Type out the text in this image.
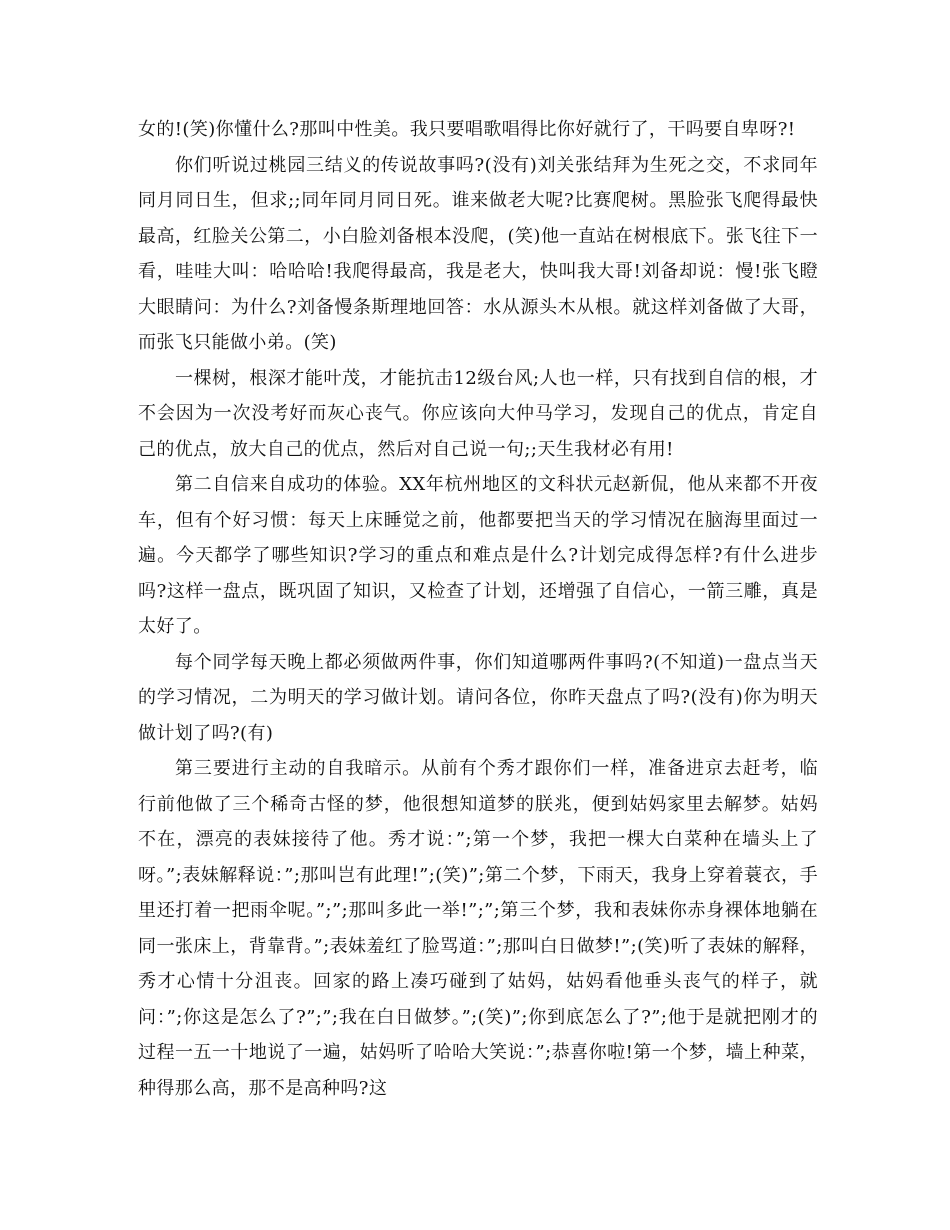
女的!(笑)你懂什么?那叫中性美。我只要唱歌唱得比你好就行了，干吗要自卑呀?!

你们听说过桃园三结义的传说故事吗?(没有)刘关张结拜为生死之交，不求同年同月同日生，但求;;同年同月同日死。谁来做老大呢?比赛爬树。黑脸张飞爬得最快最高，红脸关公第二，小白脸刘备根本没爬，(笑)他一直站在树根底下。张飞往下一看，哇哇大叫：哈哈哈!我爬得最高，我是老大，快叫我大哥!刘备却说：慢!张飞瞪大眼睛问：为什么?刘备慢条斯理地回答：水从源头木从根。就这样刘备做了大哥，而张飞只能做小弟。(笑)

一棵树，根深才能叶茂，才能抗击12级台风;人也一样，只有找到自信的根，才不会因为一次没考好而灰心丧气。你应该向大仲马学习，发现自己的优点，肯定自己的优点，放大自己的优点，然后对自己说一句;;天生我材必有用!

第二自信来自成功的体验。XX年杭州地区的文科状元赵新侃，他从来都不开夜车，但有个好习惯：每天上床睡觉之前，他都要把当天的学习情况在脑海里面过一遍。今天都学了哪些知识?学习的重点和难点是什么?计划完成得怎样?有什么进步吗?这样一盘点，既巩固了知识，又检查了计划，还增强了自信心，一箭三雕，真是太好了。

每个同学每天晚上都必须做两件事，你们知道哪两件事吗?(不知道)一盘点当天的学习情况，二为明天的学习做计划。请问各位，你昨天盘点了吗?(没有)你为明天做计划了吗?(有)

第三要进行主动的自我暗示。从前有个秀才跟你们一样，准备进京去赶考，临行前他做了三个稀奇古怪的梦，他很想知道梦的朕兆，便到姑妈家里去解梦。姑妈不在，漂亮的表妹接待了他。秀才说：”;第一个梦，我把一棵大白菜种在墙头上了呀。”;表妹解释说：”;那叫岂有此理!”;(笑)”;第二个梦，下雨天，我身上穿着蓑衣，手里还打着一把雨伞呢。”;”;那叫多此一举!”;”;第三个梦，我和表妹你赤身裸体地躺在同一张床上，背靠背。”;表妹羞红了脸骂道：”;那叫白日做梦!”;(笑)听了表妹的解释，秀才心情十分沮丧。回家的路上凑巧碰到了姑妈，姑妈看他垂头丧气的样子，就问：”;你这是怎么了?”;”;我在白日做梦。”;(笑)”;你到底怎么了?”;他于是就把刚才的过程一五一十地说了一遍，姑妈听了哈哈大笑说：”;恭喜你啦!第一个梦，墙上种菜，种得那么高，那不是高种吗?这
